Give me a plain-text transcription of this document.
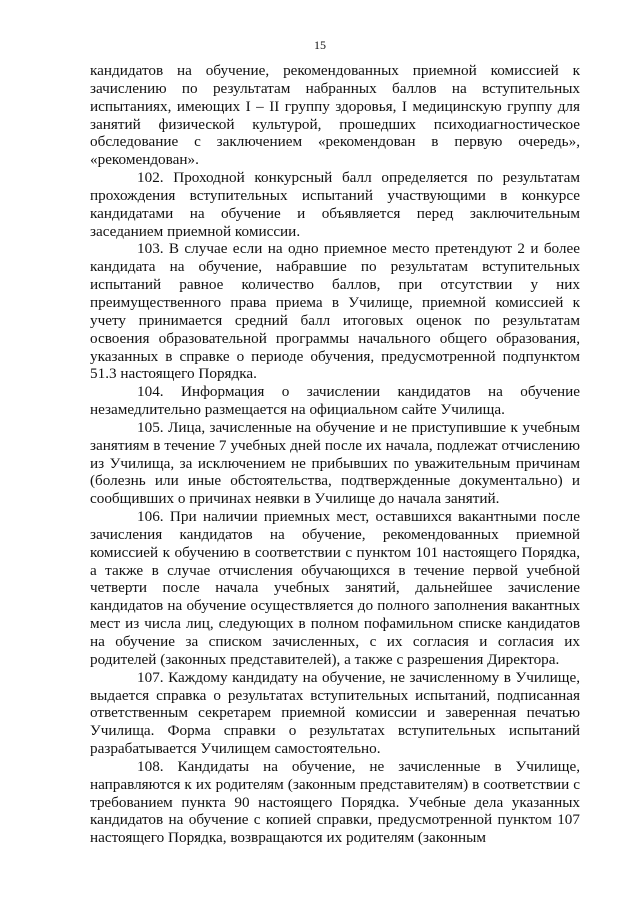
15

кандидатов на обучение, рекомендованных приемной комиссией к зачислению по результатам набранных баллов на вступительных испытаниях, имеющих I – II группу здоровья, I медицинскую группу для занятий физической культурой, прошедших психодиагностическое обследование с заключением «рекомендован в первую очередь», «рекомендован».

102. Проходной конкурсный балл определяется по результатам прохождения вступительных испытаний участвующими в конкурсе кандидатами на обучение и объявляется перед заключительным заседанием приемной комиссии.

103. В случае если на одно приемное место претендуют 2 и более кандидата на обучение, набравшие по результатам вступительных испытаний равное количество баллов, при отсутствии у них преимущественного права приема в Училище, приемной комиссией к учету принимается средний балл итоговых оценок по результатам освоения образовательной программы начального общего образования, указанных в справке о периоде обучения, предусмотренной подпунктом 51.3 настоящего Порядка.

104. Информация о зачислении кандидатов на обучение незамедлительно размещается на официальном сайте Училища.

105. Лица, зачисленные на обучение и не приступившие к учебным занятиям в течение 7 учебных дней после их начала, подлежат отчислению из Училища, за исключением не прибывших по уважительным причинам (болезнь или иные обстоятельства, подтвержденные документально) и сообщивших о причинах неявки в Училище до начала занятий.

106. При наличии приемных мест, оставшихся вакантными после зачисления кандидатов на обучение, рекомендованных приемной комиссией к обучению в соответствии с пунктом 101 настоящего Порядка, а также в случае отчисления обучающихся в течение первой учебной четверти после начала учебных занятий, дальнейшее зачисление кандидатов на обучение осуществляется до полного заполнения вакантных мест из числа лиц, следующих в полном пофамильном списке кандидатов на обучение за списком зачисленных, с их согласия и согласия их родителей (законных представителей), а также с разрешения Директора.

107. Каждому кандидату на обучение, не зачисленному в Училище, выдается справка о результатах вступительных испытаний, подписанная ответственным секретарем приемной комиссии и заверенная печатью Училища. Форма справки о результатах вступительных испытаний разрабатывается Училищем самостоятельно.

108. Кандидаты на обучение, не зачисленные в Училище, направляются к их родителям (законным представителям) в соответствии с требованием пункта 90 настоящего Порядка. Учебные дела указанных кандидатов на обучение с копией справки, предусмотренной пунктом 107 настоящего Порядка, возвращаются их родителям (законным
